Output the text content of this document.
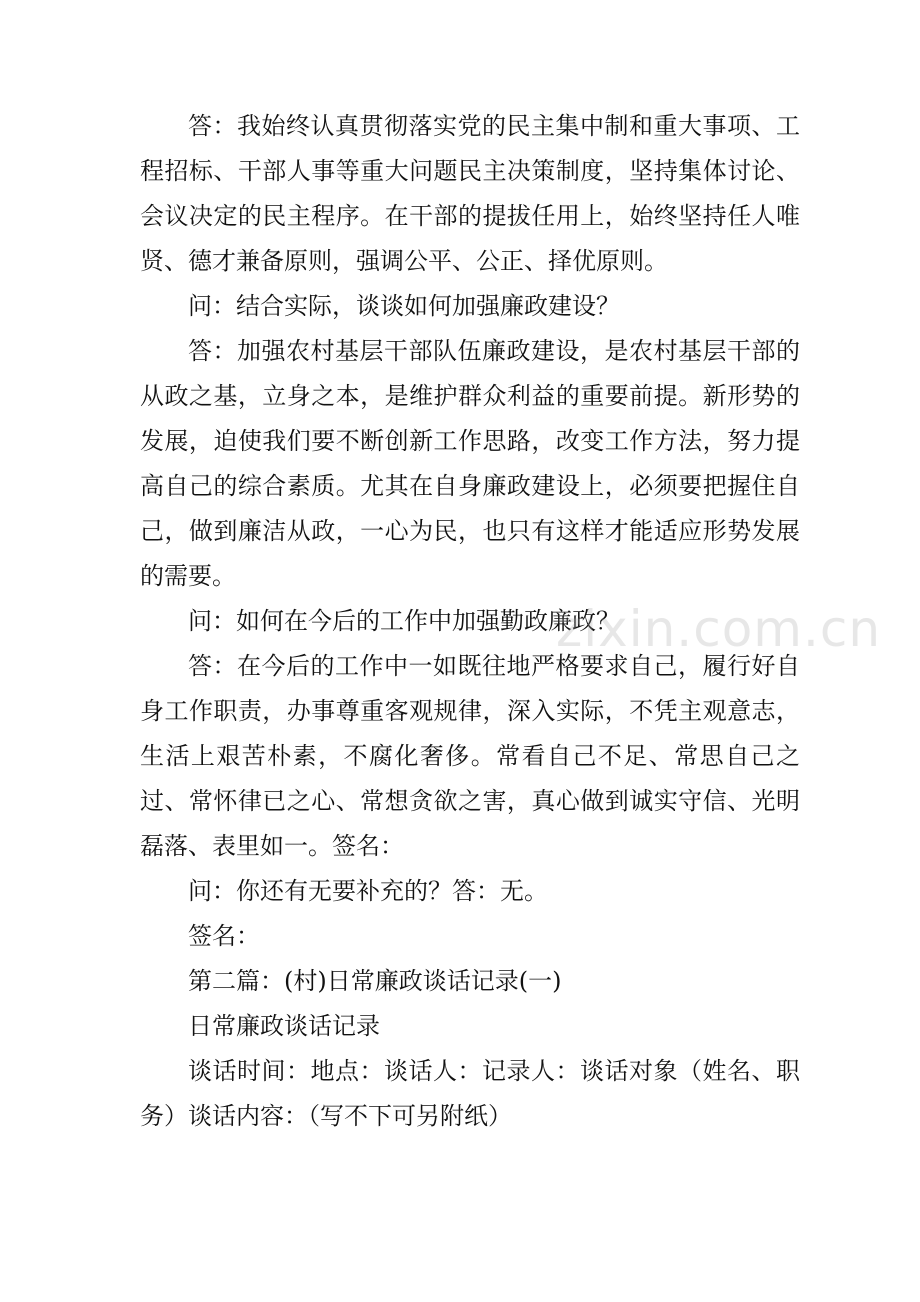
答：我始终认真贯彻落实党的民主集中制和重大事项、工程招标、干部人事等重大问题民主决策制度，坚持集体讨论、会议决定的民主程序。在干部的提拔任用上，始终坚持任人唯贤、德才兼备原则，强调公平、公正、择优原则。

问：结合实际，谈谈如何加强廉政建设？

答：加强农村基层干部队伍廉政建设，是农村基层干部的从政之基，立身之本，是维护群众利益的重要前提。新形势的发展，迫使我们要不断创新工作思路，改变工作方法，努力提高自己的综合素质。尤其在自身廉政建设上，必须要把握住自己，做到廉洁从政，一心为民，也只有这样才能适应形势发展的需要。

问：如何在今后的工作中加强勤政廉政？

答：在今后的工作中一如既往地严格要求自己，履行好自身工作职责，办事尊重客观规律，深入实际，不凭主观意志，生活上艰苦朴素，不腐化奢侈。常看自己不足、常思自己之过、常怀律已之心、常想贪欲之害，真心做到诚实守信、光明磊落、表里如一。签名：

问：你还有无要补充的？答：无。

签名：

第二篇：(村)日常廉政谈话记录(一)

日常廉政谈话记录

谈话时间：地点：谈话人：记录人：谈话对象（姓名、职务）谈话内容：（写不下可另附纸）

zixin.com.cn
